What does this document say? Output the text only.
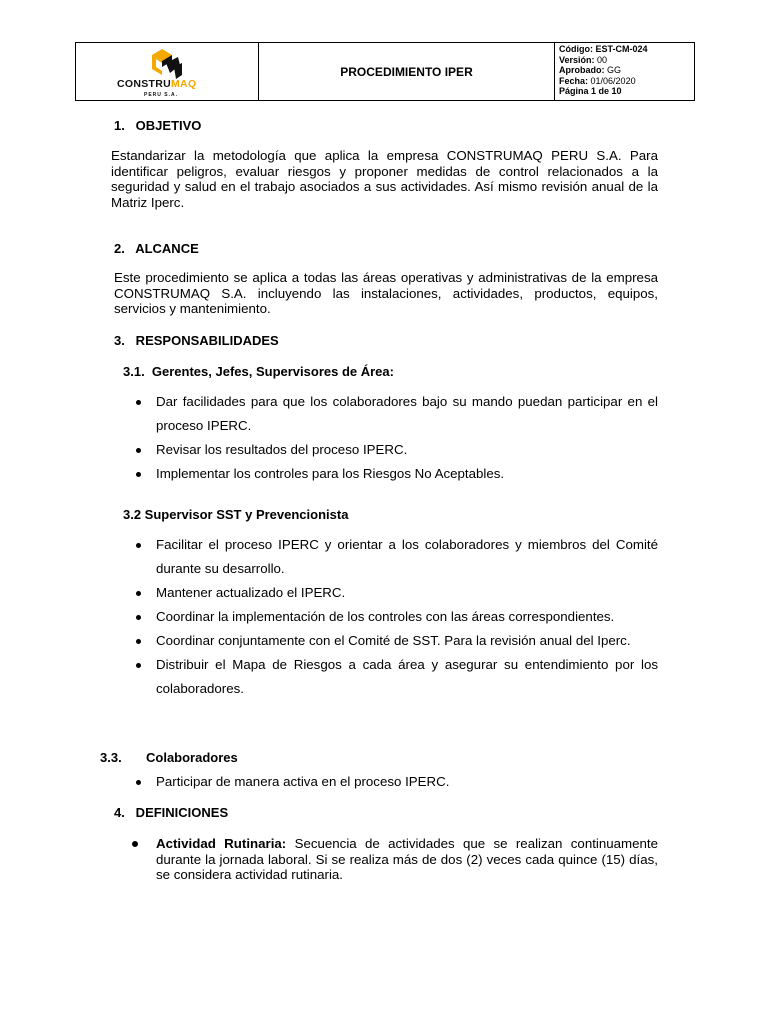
CONSTRUMAQ
PERU S.A.
PROCEDIMIENTO IPER
Código: EST-CM-024
Versión: 00
Aprobado: GG
Fecha: 01/06/2020
Página 1 de 10
1.   OBJETIVO
Estandarizar la metodología que aplica la empresa CONSTRUMAQ PERU S.A. Para identificar peligros, evaluar riesgos y proponer medidas de control relacionados a la seguridad y salud en el trabajo asociados a sus actividades. Así mismo revisión anual de la Matriz Iperc.
2.   ALCANCE
Este procedimiento se aplica a todas las áreas operativas y administrativas de la empresa CONSTRUMAQ S.A. incluyendo las instalaciones, actividades, productos, equipos, servicios y mantenimiento.
3.   RESPONSABILIDADES
3.1.  Gerentes, Jefes, Supervisores de Área:
Dar facilidades para que los colaboradores bajo su mando puedan participar en el proceso IPERC.
Revisar los resultados del proceso IPERC.
Implementar los controles para los Riesgos No Aceptables.
3.2 Supervisor SST y Prevencionista
Facilitar el proceso IPERC y orientar a los colaboradores y miembros del Comité durante su desarrollo.
Mantener actualizado el IPERC.
Coordinar la implementación de los controles con las áreas correspondientes.
Coordinar conjuntamente con el Comité de SST. Para la revisión anual del Iperc.
Distribuir el Mapa de Riesgos a cada área y asegurar su entendimiento por los colaboradores.
3.3. Colaboradores
Participar de manera activa en el proceso IPERC.
4.   DEFINICIONES
Actividad Rutinaria: Secuencia de actividades que se realizan continuamente durante la jornada laboral. Si se realiza más de dos (2) veces cada quince (15) días, se considera actividad rutinaria.
